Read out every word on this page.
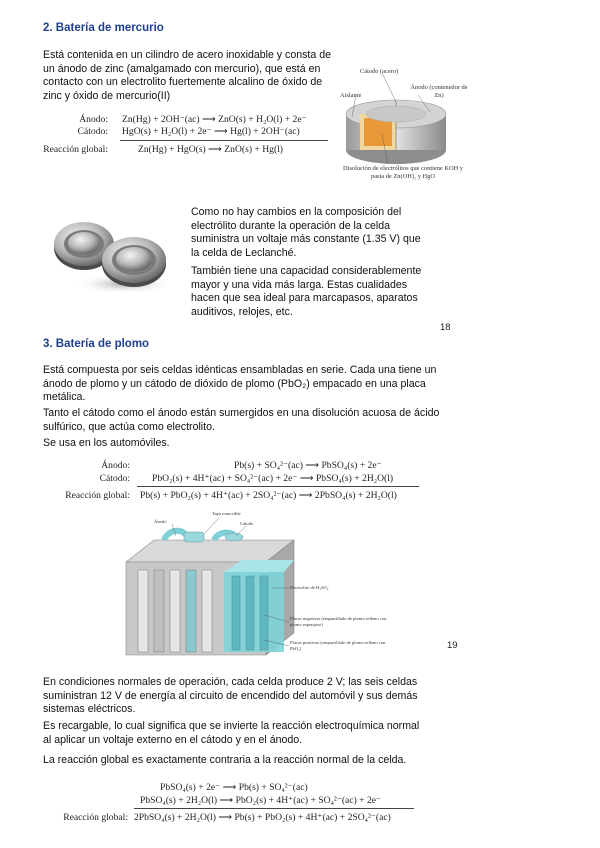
2. Batería de mercurio
Está contenida en un cilindro de acero inoxidable y consta de un ánodo de zinc (amalgamado con mercurio), que está en contacto con un electrolito fuertemente alcalino de óxido de zinc y óxido de mercurio(II)
Ánodo: Zn(Hg) + 2OH⁻(ac) ⟶ ZnO(s) + H₂O(l) + 2e⁻
Cátodo: HgO(s) + H₂O(l) + 2e⁻ ⟶ Hg(l) + 2OH⁻(ac)
Reacción global:	Zn(Hg) + HgO(s) ⟶ ZnO(s) + Hg(l)
Cátodo (acero)
Ánodo (contenedor de Zn)
Aislante
Disolución de electrólitos que contiene KOH y pasta de Zn(OH)₂ y HgO
Como no hay cambios en la composición del electrólito durante la operación de la celda suministra un voltaje más constante (1.35 V) que la celda de Leclanché.
También tiene una capacidad considerablemente mayor y una vida más larga. Estas cualidades hacen que sea ideal para marcapasos, aparatos auditivos, relojes, etc.
18
3. Batería de plomo
Está compuesta por seis celdas idénticas ensambladas en serie. Cada una tiene un ánodo de plomo y un cátodo de dióxido de plomo (PbO₂) empacado en una placa metálica.
Tanto el cátodo como el ánodo están sumergidos en una disolución acuosa de ácido sulfúrico, que actúa como electrolito.
Se usa en los automóviles.
Ánodo:	Pb(s) + SO₄²⁻(ac) ⟶ PbSO₄(s) + 2e⁻
Cátodo: PbO₂(s) + 4H⁺(ac) + SO₄²⁻(ac) + 2e⁻ ⟶ PbSO₄(s) + 2H₂O(l)
Reacción global: Pb(s) + PbO₂(s) + 4H⁺(ac) + 2SO₄²⁻(ac) ⟶ 2PbSO₄(s) + 2H₂O(l)
Tapa removible
Ánodo	Cátodo
Electrolito de H₂SO₄
Placas negativas (emparrillado de plomo relleno con plomo esponjoso)
Placas positivas (emparrillado de plomo relleno con PbO₂)	19
En condiciones normales de operación, cada celda produce 2 V; las seis celdas suministran 12 V de energía al circuito de encendido del automóvil y sus demás sistemas eléctricos.
Es recargable, lo cual significa que se invierte la reacción electroquímica normal al aplicar un voltaje externo en el cátodo y en el ánodo.
La reacción global es exactamente contraria a la reacción normal de la celda.
PbSO₄(s) + 2e⁻ ⟶ Pb(s) + SO₄²⁻(ac)
PbSO₄(s) + 2H₂O(l) ⟶ PbO₂(s) + 4H⁺(ac) + SO₄²⁻(ac) + 2e⁻
Reacción global: 2PbSO₄(s) + 2H₂O(l) ⟶ Pb(s) + PbO₂(s) + 4H⁺(ac) + 2SO₄²⁻(ac)
